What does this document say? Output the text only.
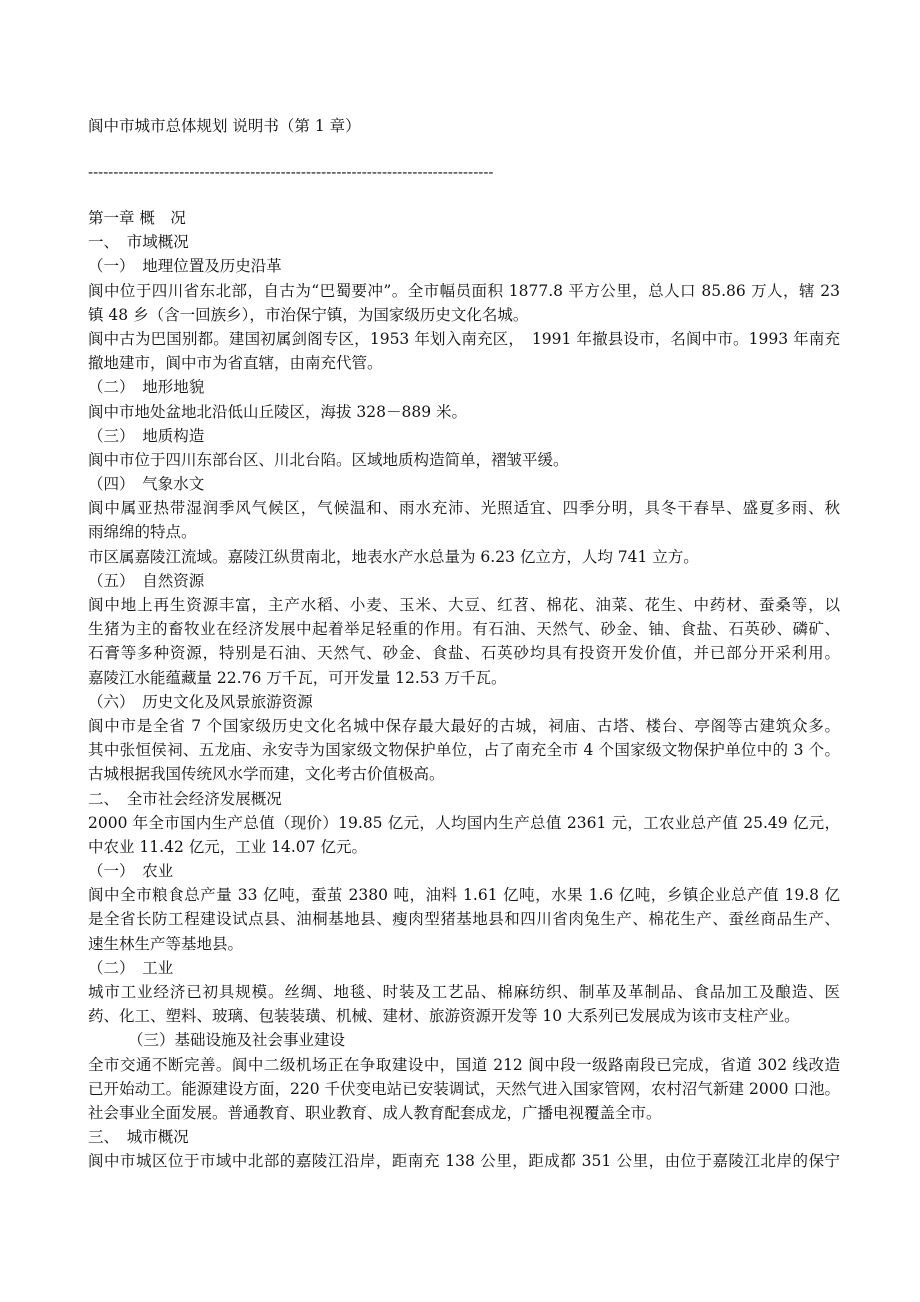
阆中市城市总体规划 说明书（第 1 章）
--------------------------------------------------------------------------------
第一章 概　况
一、　市域概况
（一）　地理位置及历史沿革
阆中位于四川省东北部，自古为“巴蜀要冲”。全市幅员面积 1877.8 平方公里，总人口 85.86 万人，辖 23
镇 48 乡（含一回族乡），市治保宁镇，为国家级历史文化名城。
阆中古为巴国别都。建国初属剑阁专区，1953 年划入南充区，　1991 年撤县设市，名阆中市。1993 年南充
撤地建市，阆中市为省直辖，由南充代管。
（二）　地形地貌
阆中市地处盆地北沿低山丘陵区，海拔 328－889 米。
（三）　地质构造
阆中市位于四川东部台区、川北台陷。区域地质构造简单，褶皱平缓。
（四）　气象水文
阆中属亚热带湿润季风气候区，气候温和、雨水充沛、光照适宜、四季分明，具冬干春旱、盛夏多雨、秋
雨绵绵的特点。
市区属嘉陵江流域。嘉陵江纵贯南北，地表水产水总量为 6.23 亿立方，人均 741 立方。
（五）　自然资源
阆中地上再生资源丰富，主产水稻、小麦、玉米、大豆、红苕、棉花、油菜、花生、中药材、蚕桑等，以
生猪为主的畜牧业在经济发展中起着举足轻重的作用。有石油、天然气、砂金、铀、食盐、石英砂、磷矿、
石膏等多种资源，特别是石油、天然气、砂金、食盐、石英砂均具有投资开发价值，并已部分开采利用。
嘉陵江水能蕴藏量 22.76 万千瓦，可开发量 12.53 万千瓦。
（六）　历史文化及风景旅游资源
阆中市是全省 7 个国家级历史文化名城中保存最大最好的古城，祠庙、古塔、楼台、亭阁等古建筑众多。
其中张恒侯祠、五龙庙、永安寺为国家级文物保护单位，占了南充全市 4 个国家级文物保护单位中的 3 个。
古城根据我国传统风水学而建，文化考古价值极高。
二、　全市社会经济发展概况
2000 年全市国内生产总值（现价）19.85 亿元，人均国内生产总值 2361 元，工农业总产值 25.49 亿元，
中农业 11.42 亿元，工业 14.07 亿元。
（一）　农业
阆中全市粮食总产量 33 亿吨，蚕茧 2380 吨，油料 1.61 亿吨，水果 1.6 亿吨，乡镇企业总产值 19.8 亿
是全省长防工程建设试点县、油桐基地县、瘦肉型猪基地县和四川省肉兔生产、棉花生产、蚕丝商品生产、
速生林生产等基地县。
（二）　工业
城市工业经济已初具规模。丝绸、地毯、时装及工艺品、棉麻纺织、制革及革制品、食品加工及酿造、医
药、化工、塑料、玻璃、包装装璜、机械、建材、旅游资源开发等 10 大系列已发展成为该市支柱产业。
（三）基础设施及社会事业建设
全市交通不断完善。阆中二级机场正在争取建设中，国道 212 阆中段一级路南段已完成，省道 302 线改造
已开始动工。能源建设方面，220 千伏变电站已安装调试，天然气进入国家管网，农村沼气新建 2000 口池。
社会事业全面发展。普通教育、职业教育、成人教育配套成龙，广播电视覆盖全市。
三、　城市概况
阆中市城区位于市域中北部的嘉陵江沿岸，距南充 138 公里，距成都 351 公里，由位于嘉陵江北岸的保宁
